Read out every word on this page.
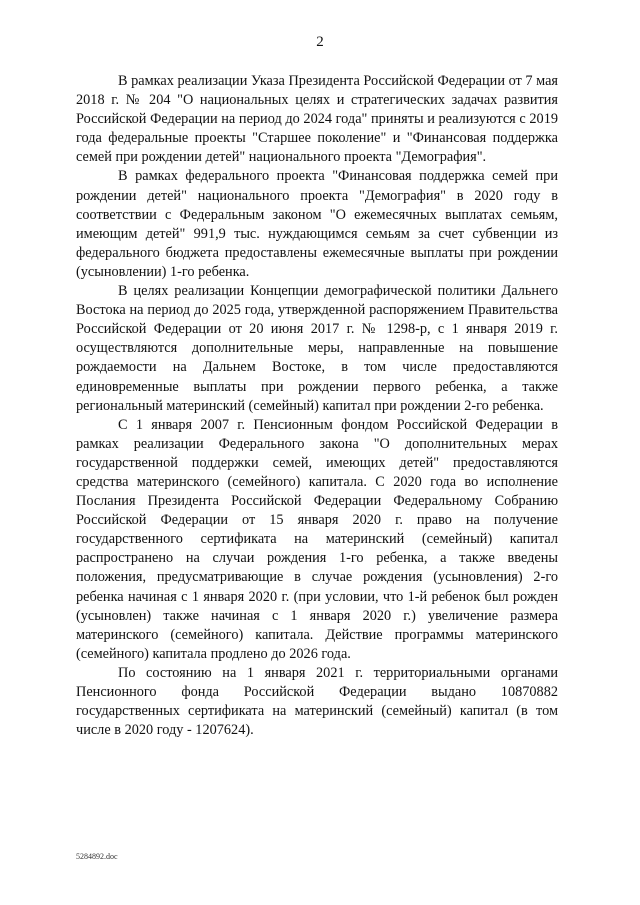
2

В рамках реализации Указа Президента Российской Федерации от 7 мая 2018 г. № 204 "О национальных целях и стратегических задачах развития Российской Федерации на период до 2024 года" приняты и реализуются с 2019 года федеральные проекты "Старшее поколение" и "Финансовая поддержка семей при рождении детей" национального проекта "Демография".

В рамках федерального проекта "Финансовая поддержка семей при рождении детей" национального проекта "Демография" в 2020 году в соответствии с Федеральным законом "О ежемесячных выплатах семьям, имеющим детей" 991,9 тыс. нуждающимся семьям за счет субвенции из федерального бюджета предоставлены ежемесячные выплаты при рождении (усыновлении) 1-го ребенка.

В целях реализации Концепции демографической политики Дальнего Востока на период до 2025 года, утвержденной распоряжением Правительства Российской Федерации от 20 июня 2017 г. № 1298-р, с 1 января 2019 г. осуществляются дополнительные меры, направленные на повышение рождаемости на Дальнем Востоке, в том числе предоставляются единовременные выплаты при рождении первого ребенка, а также региональный материнский (семейный) капитал при рождении 2-го ребенка.

С 1 января 2007 г. Пенсионным фондом Российской Федерации в рамках реализации Федерального закона "О дополнительных мерах государственной поддержки семей, имеющих детей" предоставляются средства материнского (семейного) капитала. С 2020 года во исполнение Послания Президента Российской Федерации Федеральному Собранию Российской Федерации от 15 января 2020 г. право на получение государственного сертификата на материнский (семейный) капитал распространено на случаи рождения 1-го ребенка, а также введены положения, предусматривающие в случае рождения (усыновления) 2-го ребенка начиная с 1 января 2020 г. (при условии, что 1-й ребенок был рожден (усыновлен) также начиная с 1 января 2020 г.) увеличение размера материнского (семейного) капитала. Действие программы материнского (семейного) капитала продлено до 2026 года.

По состоянию на 1 января 2021 г. территориальными органами Пенсионного фонда Российской Федерации выдано 10870882 государственных сертификата на материнский (семейный) капитал (в том числе в 2020 году - 1207624).

5284892.doc
